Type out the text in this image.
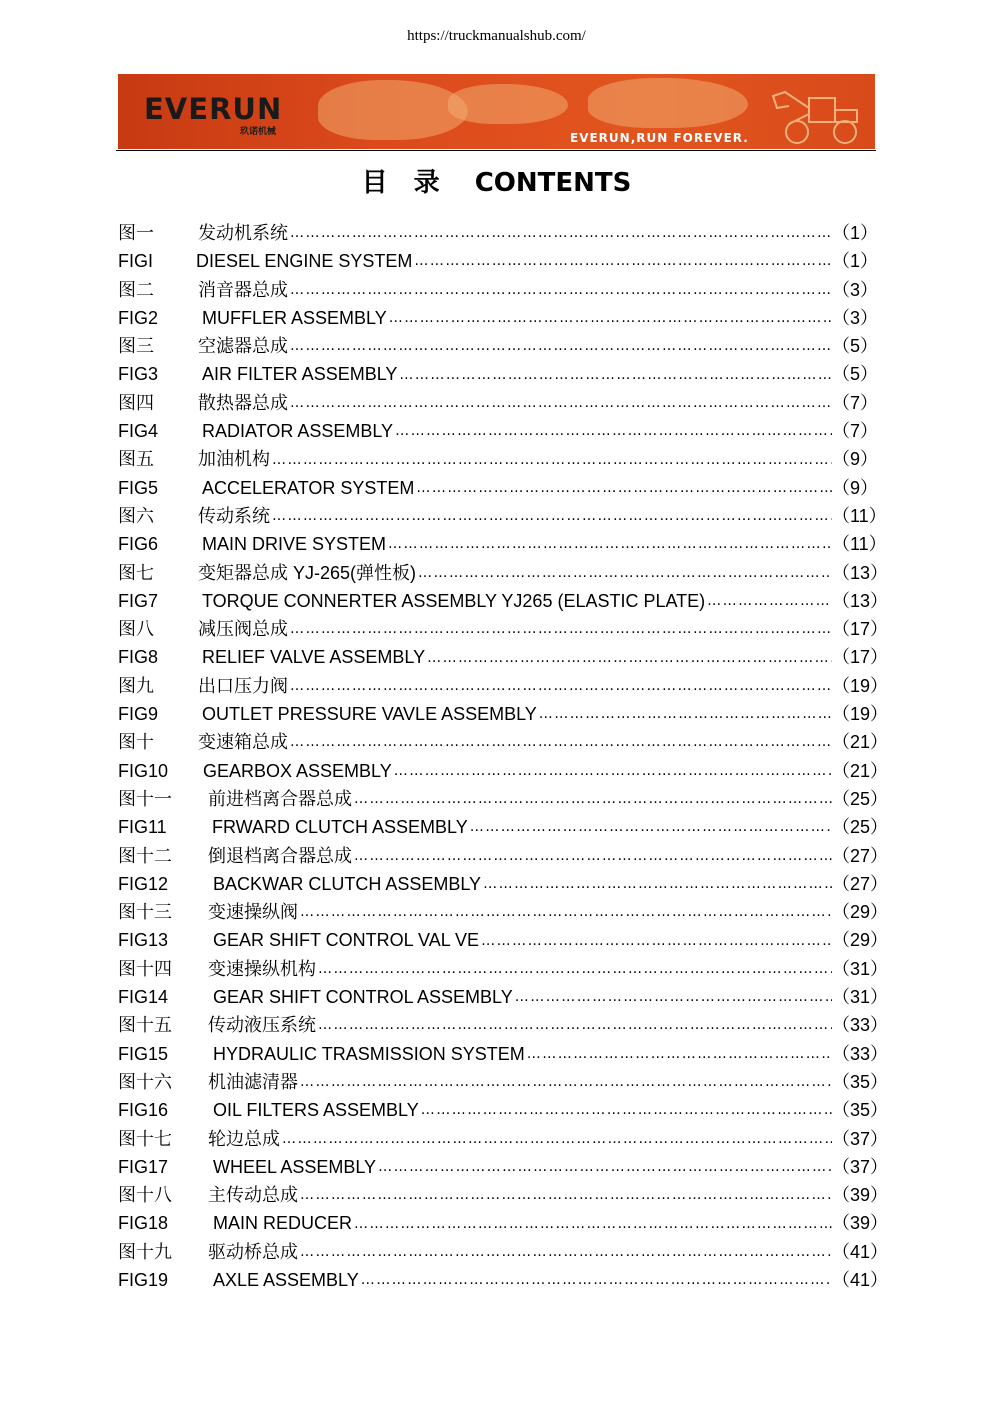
https://truckmanualshub.com/
EVERUN
玖诺机械	EVERUN,RUN FOREVER.
目录 CONTENTS
图一	发动机系统 ……………………………………………………………………………………………………………………………………………………………………	（1）
FIGI	DIESEL ENGINE SYSTEM ……………………………………………………………………………………………………………………………………………………………………	（1）
图二	消音器总成 ……………………………………………………………………………………………………………………………………………………………………	（3）
FIG2	MUFFLER ASSEMBLY ……………………………………………………………………………………………………………………………………………………………………	（3）
图三	空滤器总成 ……………………………………………………………………………………………………………………………………………………………………	（5）
FIG3	AIR FILTER ASSEMBLY ……………………………………………………………………………………………………………………………………………………………………	（5）
图四	散热器总成 ……………………………………………………………………………………………………………………………………………………………………	（7）
FIG4	RADIATOR ASSEMBLY ……………………………………………………………………………………………………………………………………………………………………	（7）
图五	加油机构 ……………………………………………………………………………………………………………………………………………………………………	（9）
FIG5	ACCELERATOR SYSTEM ……………………………………………………………………………………………………………………………………………………………………	（9）
图六	传动系统 ……………………………………………………………………………………………………………………………………………………………………	（11）
FIG6	MAIN DRIVE SYSTEM ……………………………………………………………………………………………………………………………………………………………………	（11）
图七	变矩器总成 YJ-265(弹性板) ……………………………………………………………………………………………………………………………………………………………………	（13）
FIG7	TORQUE CONNERTER ASSEMBLY YJ265 (ELASTIC PLATE) ……………………………………………………………………………………………………………………………………………………………………	（13）
图八	减压阀总成 ……………………………………………………………………………………………………………………………………………………………………	（17）
FIG8	RELIEF VALVE ASSEMBLY ……………………………………………………………………………………………………………………………………………………………………	（17）
图九	出口压力阀 ……………………………………………………………………………………………………………………………………………………………………	（19）
FIG9	OUTLET PRESSURE VAVLE ASSEMBLY ……………………………………………………………………………………………………………………………………………………………………	（19）
图十	变速箱总成 ……………………………………………………………………………………………………………………………………………………………………	（21）
FIG10	GEARBOX ASSEMBLY ……………………………………………………………………………………………………………………………………………………………………	（21）
图十一	前进档离合器总成 ……………………………………………………………………………………………………………………………………………………………………	（25）
FIG11	FRWARD CLUTCH ASSEMBLY ……………………………………………………………………………………………………………………………………………………………………	（25）
图十二	倒退档离合器总成 ……………………………………………………………………………………………………………………………………………………………………	（27）
FIG12	BACKWAR CLUTCH ASSEMBLY ……………………………………………………………………………………………………………………………………………………………………	（27）
图十三	变速操纵阀 ……………………………………………………………………………………………………………………………………………………………………	（29）
FIG13	GEAR SHIFT CONTROL VAL VE ……………………………………………………………………………………………………………………………………………………………………	（29）
图十四	变速操纵机构 ……………………………………………………………………………………………………………………………………………………………………	（31）
FIG14	GEAR SHIFT CONTROL ASSEMBLY ……………………………………………………………………………………………………………………………………………………………………	（31）
图十五	传动液压系统 ……………………………………………………………………………………………………………………………………………………………………	（33）
FIG15	HYDRAULIC TRASMISSION SYSTEM ……………………………………………………………………………………………………………………………………………………………………	（33）
图十六	机油滤清器 ……………………………………………………………………………………………………………………………………………………………………	（35）
FIG16	OIL FILTERS ASSEMBLY ……………………………………………………………………………………………………………………………………………………………………	（35）
图十七	轮边总成 ……………………………………………………………………………………………………………………………………………………………………	（37）
FIG17	WHEEL ASSEMBLY ……………………………………………………………………………………………………………………………………………………………………	（37）
图十八	主传动总成 ……………………………………………………………………………………………………………………………………………………………………	（39）
FIG18	MAIN REDUCER ……………………………………………………………………………………………………………………………………………………………………	（39）
图十九	驱动桥总成 ……………………………………………………………………………………………………………………………………………………………………	（41）
FIG19	AXLE ASSEMBLY ……………………………………………………………………………………………………………………………………………………………………	（41）
